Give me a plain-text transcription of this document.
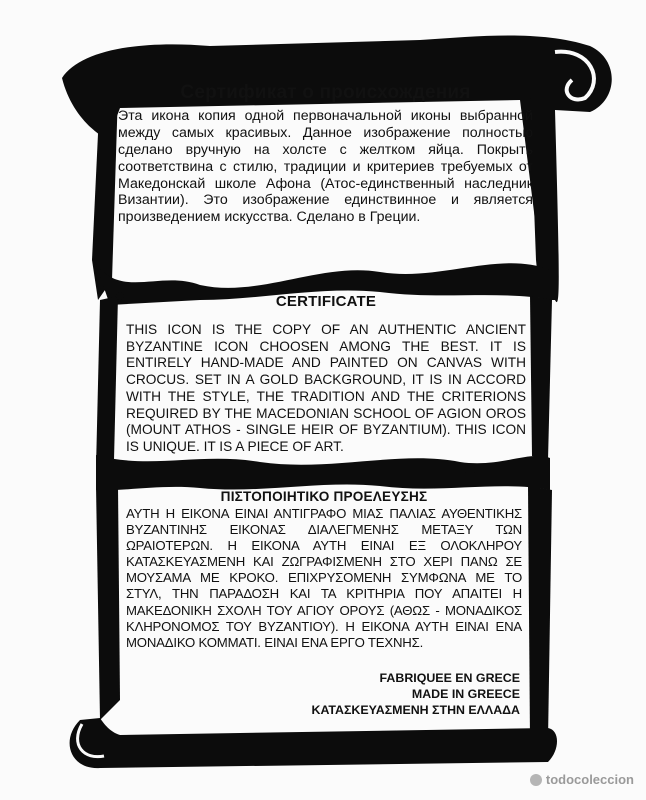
Сертификат о происхождения

Эта икона копия одной первоначальной иконы выбранной между самых красивых. Данное изображение полностью сделано вручную на холсте с желтком яйца. Покрыть соответствина с стилю, традиции и критериев требуемых от Македонскай школе Афона (Атос-единственный наследник Византии). Это изображение единствинное и является произведением искусства. Сделано в Греции.

CERTIFICATE

THIS ICON IS THE COPY OF AN AUTHENTIC ANCIENT BYZANTINE ICON CHOOSEN AMONG THE BEST. IT IS ENTIRELY HAND-MADE AND PAINTED ON CANVAS WITH CROCUS. SET IN A GOLD BACKGROUND, IT IS IN ACCORD WITH THE STYLE, THE TRADITION AND THE CRITERIONS REQUIRED BY THE MACEDONIAN SCHOOL OF AGION OROS (MOUNT ATHOS - SINGLE HEIR OF BYZANTIUM). THIS ICON IS UNIQUE. IT IS A PIECE OF ART.

ΠΙΣΤΟΠΟΙΗΤΙΚΟ ΠΡΟΕΛΕΥΣΗΣ

ΑΥΤΗ Η ΕΙΚΟΝΑ ΕΙΝΑΙ ΑΝΤΙΓΡΑΦΟ ΜΙΑΣ ΠΑΛΙΑΣ ΑΥΘΕΝΤΙΚΗΣ ΒΥΖΑΝΤΙΝΗΣ ΕΙΚΟΝΑΣ ΔΙΑΛΕΓΜΕΝΗΣ ΜΕΤΑΞΥ ΤΩΝ ΩΡΑΙΟΤΕΡΩΝ. Η ΕΙΚΟΝΑ ΑΥΤΗ ΕΙΝΑΙ ΕΞ ΟΛΟΚΛΗΡΟΥ ΚΑΤΑΣΚΕΥΑΣΜΕΝΗ ΚΑΙ ΖΩΓΡΑΦΙΣΜΕΝΗ ΣΤΟ ΧΕΡΙ ΠΑΝΩ ΣΕ ΜΟΥΣΑΜΑ ΜΕ ΚΡΟΚΟ. ΕΠΙΧΡΥΣΟΜΕΝΗ ΣΥΜΦΩΝΑ ΜΕ ΤΟ ΣΤΥΛ, ΤΗΝ ΠΑΡΑΔΟΣΗ ΚΑΙ ΤΑ ΚΡΙΤΗΡΙΑ ΠΟΥ ΑΠΑΙΤΕΙ Η ΜΑΚΕΔΟΝΙΚΗ ΣΧΟΛΗ ΤΟΥ ΑΓΙΟΥ ΟΡΟΥΣ (ΑΘΩΣ - ΜΟΝΑΔΙΚΟΣ ΚΛΗΡΟΝΟΜΟΣ ΤΟΥ ΒΥΖΑΝΤΙΟΥ). Η ΕΙΚΟΝΑ ΑΥΤΗ ΕΙΝΑΙ ΕΝΑ ΜΟΝΑΔΙΚΟ ΚΟΜΜΑΤΙ. ΕΙΝΑΙ ΕΝΑ ΕΡΓΟ ΤΕΧΝΗΣ.

FABRIQUEE EN GRECE
MADE IN GREECE
ΚΑΤΑΣΚΕΥΑΣΜΕΝΗ ΣΤΗΝ ΕΛΛΑΔΑ
todocoleccion
